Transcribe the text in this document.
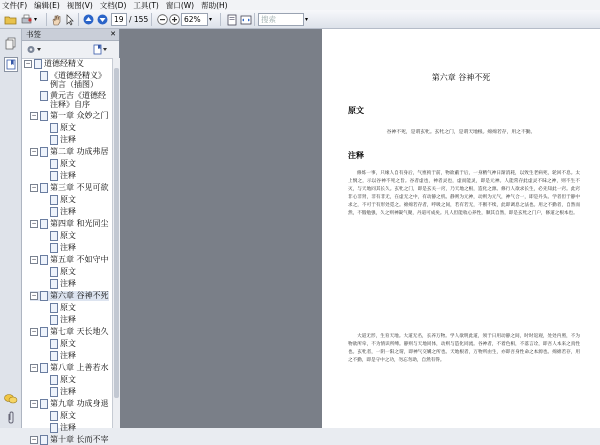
文件(F) 编辑(E) 视图(V) 文档(D) 工具(T) 窗口(W) 帮助(H)
▾	19 / 155	62%	▾	搜索	▾
书签	✕
− 道德经精义
《道德经精义》
例言（插图）
黄元吉《道德经
注释》自序
− 第一章 众妙之门
原文
注释
− 第二章 功成弗居
原文
注释
− 第三章 不见可欲
原文
注释
− 第四章 和光同尘
原文
注释
− 第五章 不如守中
原文
注释
− 第六章 谷神不死
原文
注释
− 第七章 天长地久
原文
注释
− 第八章 上善若水
原文
注释
− 第九章 功成身退
原文
注释
− 第十章 长而不宰
第六章 谷神不死
原文
谷神不死，是谓玄牝。玄牝之门，是谓天地根。绵绵若存，用之不勤。
注释
修炼一事，只缘人自有身后，气禀拘于前，物欲蔽于后，一身精气神日渐消耗，以致生老病死，轮回不息。太上悯之，示以谷神不死之旨。谷者虚也，神者灵也，虚而能灵，即是元神。人能常存此虚灵不昧之神，则不生不灭，与天地同其长久。玄牝之门，即是玄关一窍，乃天地之根，造化之源。修行人欲求长生，必先知此一窍。此窍非心非肾，非有非无，在虚无之中，有动静之机。静则为元神，动则为元气，神气合一，即是丹头。学者但于静中求之，不可于有形处觅之。绵绵若存者，呼吸之间，若有若无，不断不续，此即调息之法也。用之不勤者，自然而然，不假勉强，久之则神凝气聚，丹道可成矣。凡人但能收心养性，顺其自然，即是玄牝之门户，修道之根本也。
大道无形，生育天地。大道无名，长养万物。学人欲明此道，须于日用动静之间，时时返观，处处内照，不为物欲所牵，不为情识所缚。静则与天地同体，动则与造化同流。谷神者，不着色相，不落言诠，即吾人本来之真性也。玄牝者，一阴一阳之谓，即神气交媾之所也。天地根者，万物所由生，亦即吾身性命之本源也。绵绵若存，用之不勤，即是守中之功，勿忘勿助，自然有得。
